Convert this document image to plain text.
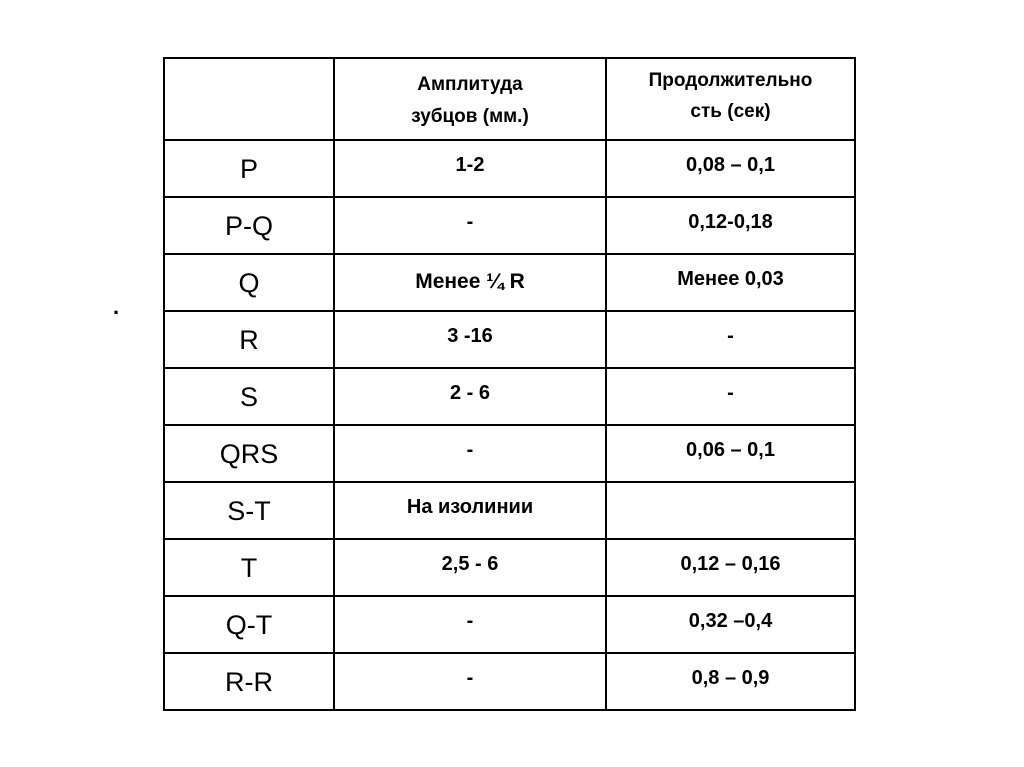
.

	Амплитуда
зубцов (мм.)	Продолжительно
сть (сек)

P	1-2	0,08 – 0,1

P-Q	-	0,12-0,18

Q	Менее ¼ R	Менее 0,03

R	3 -16	-

S	2 - 6	-

QRS	-	0,06 – 0,1

S-T	На изолинии	

T	2,5 - 6	0,12 – 0,16

Q-T	-	0,32 –0,4

R-R	-	0,8 – 0,9
